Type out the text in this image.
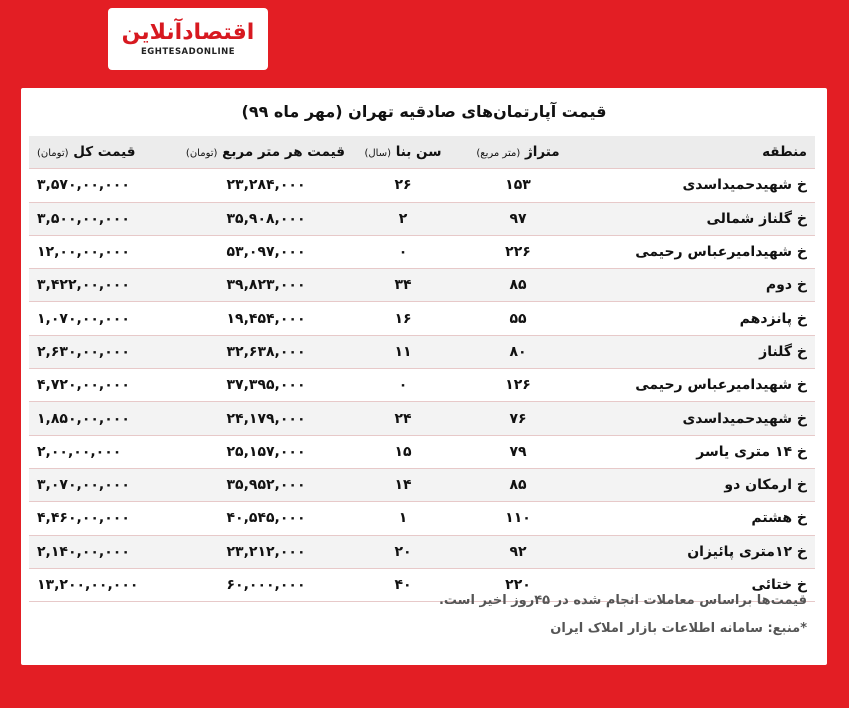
اقتصادآنلاین
EGHTESADONLINE
قیمت آپارتمان‌های صادقیه تهران (مهر ماه ۹۹)
منطقه	متراژ (متر مربع)	سن بنا (سال)	قیمت هر متر مربع (تومان)	قیمت کل (تومان)
خ شهیدحمیداسدی	۱۵۳	۲۶	۲۳,۲۸۴,۰۰۰	۳,۵۷۰,۰۰,۰۰۰
خ گلناز شمالی	۹۷	۲	۳۵,۹۰۸,۰۰۰	۳,۵۰۰,۰۰,۰۰۰
خ شهیدامیرعباس رحیمی	۲۲۶	۰	۵۳,۰۹۷,۰۰۰	۱۲,۰۰,۰۰,۰۰۰
خ دوم	۸۵	۳۴	۳۹,۸۲۳,۰۰۰	۳,۴۲۲,۰۰,۰۰۰
خ پانزدهم	۵۵	۱۶	۱۹,۴۵۴,۰۰۰	۱,۰۷۰,۰۰,۰۰۰
خ گلناز	۸۰	۱۱	۳۲,۶۳۸,۰۰۰	۲,۶۳۰,۰۰,۰۰۰
خ شهیدامیرعباس رحیمی	۱۲۶	۰	۳۷,۳۹۵,۰۰۰	۴,۷۲۰,۰۰,۰۰۰
خ شهیدحمیداسدی	۷۶	۲۴	۲۴,۱۷۹,۰۰۰	۱,۸۵۰,۰۰,۰۰۰
خ ۱۴ متری یاسر	۷۹	۱۵	۲۵,۱۵۷,۰۰۰	۲,۰۰,۰۰,۰۰۰
خ ارمکان دو	۸۵	۱۴	۳۵,۹۵۲,۰۰۰	۳,۰۷۰,۰۰,۰۰۰
خ هشتم	۱۱۰	۱	۴۰,۵۴۵,۰۰۰	۴,۴۶۰,۰۰,۰۰۰
خ ۱۲متری پائیزان	۹۲	۲۰	۲۳,۲۱۲,۰۰۰	۲,۱۴۰,۰۰,۰۰۰
خ ختائی	۲۲۰	۴۰	۶۰,۰۰۰,۰۰۰	۱۳,۲۰۰,۰۰,۰۰۰
قیمت‌ها براساس معاملات انجام شده در ۴۵روز اخیر است.
*منبع: سامانه اطلاعات بازار املاک ایران
